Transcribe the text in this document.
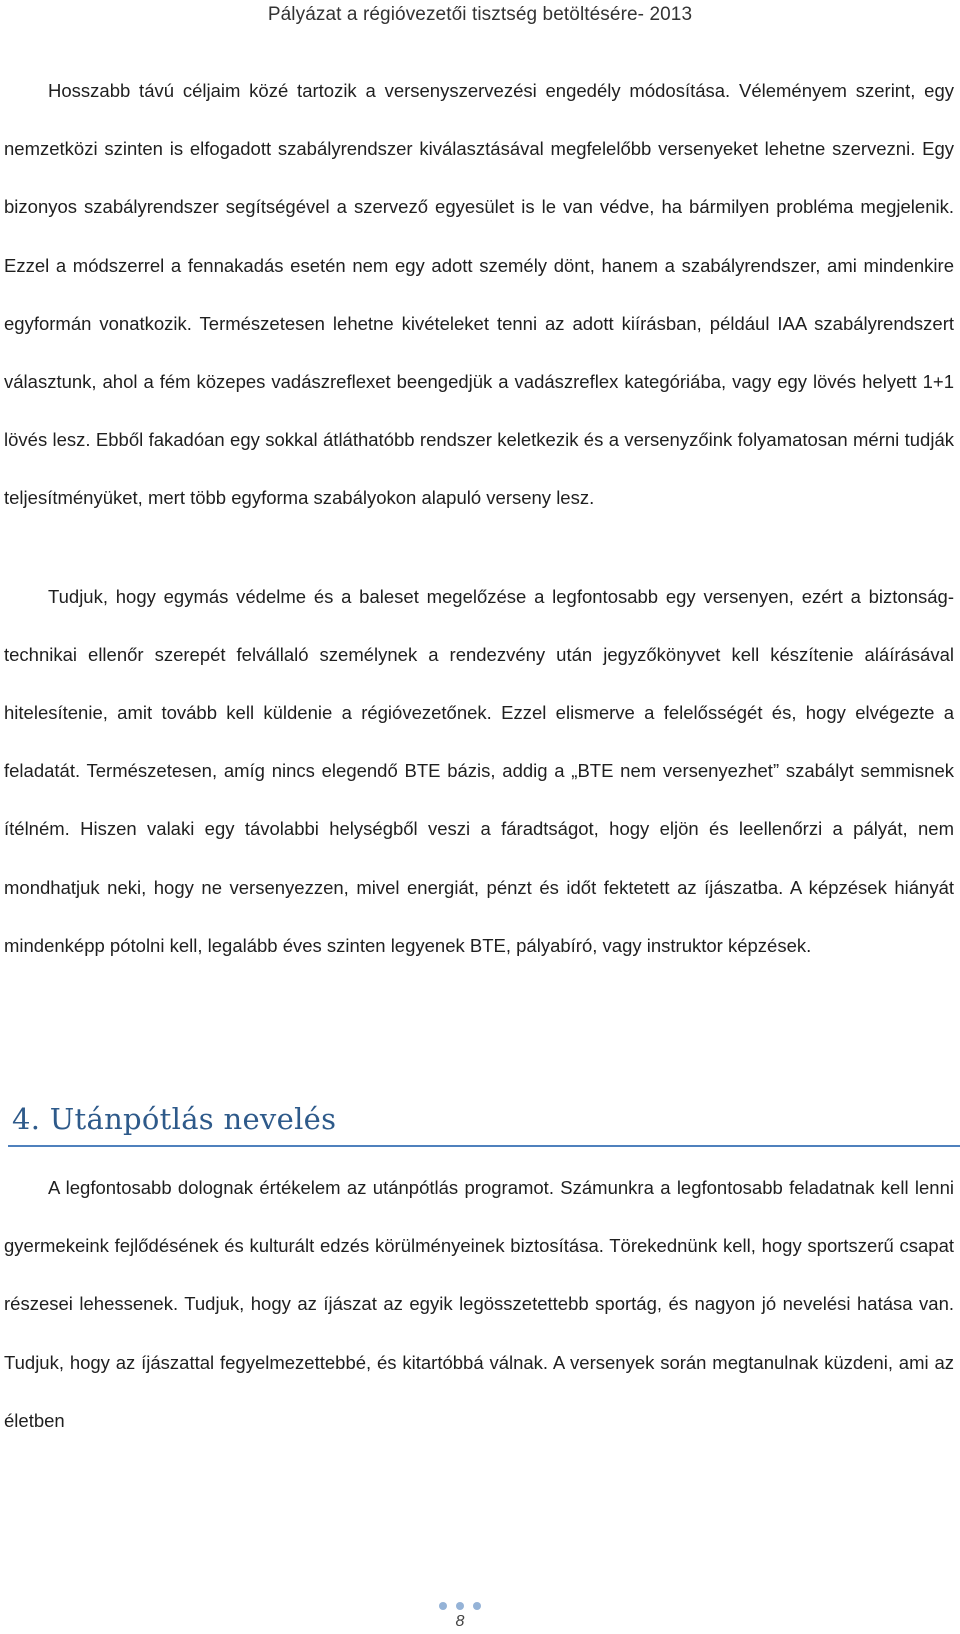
Pályázat a régióvezetői tisztség betöltésére- 2013

Hosszabb távú céljaim közé tartozik a versenyszervezési engedély módosítása. Véleményem szerint, egy nemzetközi szinten is elfogadott szabályrendszer kiválasztásával megfelelőbb versenyeket lehetne szervezni. Egy bizonyos szabályrendszer segítségével a szervező egyesület is le van védve, ha bármilyen probléma megjelenik. Ezzel a módszerrel a fennakadás esetén nem egy adott személy dönt, hanem a szabályrendszer, ami mindenkire egyformán vonatkozik. Természetesen lehetne kivételeket tenni az adott kiírásban, például IAA szabályrendszert választunk, ahol a fém közepes vadászreflexet beengedjük a vadászreflex kategóriába, vagy egy lövés helyett 1+1 lövés lesz. Ebből fakadóan egy sokkal átláthatóbb rendszer keletkezik és a versenyzőink folyamatosan mérni tudják teljesítményüket, mert több egyforma szabályokon alapuló verseny lesz.

Tudjuk, hogy egymás védelme és a baleset megelőzése a legfontosabb egy versenyen, ezért a biztonság-technikai ellenőr szerepét felvállaló személynek a rendezvény után jegyzőkönyvet kell készítenie aláírásával hitelesítenie, amit tovább kell küldenie a régióvezetőnek. Ezzel elismerve a felelősségét és, hogy elvégezte a feladatát. Természetesen, amíg nincs elegendő BTE bázis, addig a „BTE nem versenyezhet” szabályt semmisnek ítélném. Hiszen valaki egy távolabbi helységből veszi a fáradtságot, hogy eljön és leellenőrzi a pályát, nem mondhatjuk neki, hogy ne versenyezzen, mivel energiát, pénzt és időt fektetett az íjászatba. A képzések hiányát mindenképp pótolni kell, legalább éves szinten legyenek BTE, pályabíró, vagy instruktor képzések.

4. Utánpótlás nevelés

A legfontosabb dolognak értékelem az utánpótlás programot. Számunkra a legfontosabb feladatnak kell lenni gyermekeink fejlődésének és kulturált edzés körülményeinek biztosítása. Törekednünk kell, hogy sportszerű csapat részesei lehessenek. Tudjuk, hogy az íjászat az egyik legösszetettebb sportág, és nagyon jó nevelési hatása van. Tudjuk, hogy az íjászattal fegyelmezettebbé, és kitartóbbá válnak. A versenyek során megtanulnak küzdeni, ami az életben

8
